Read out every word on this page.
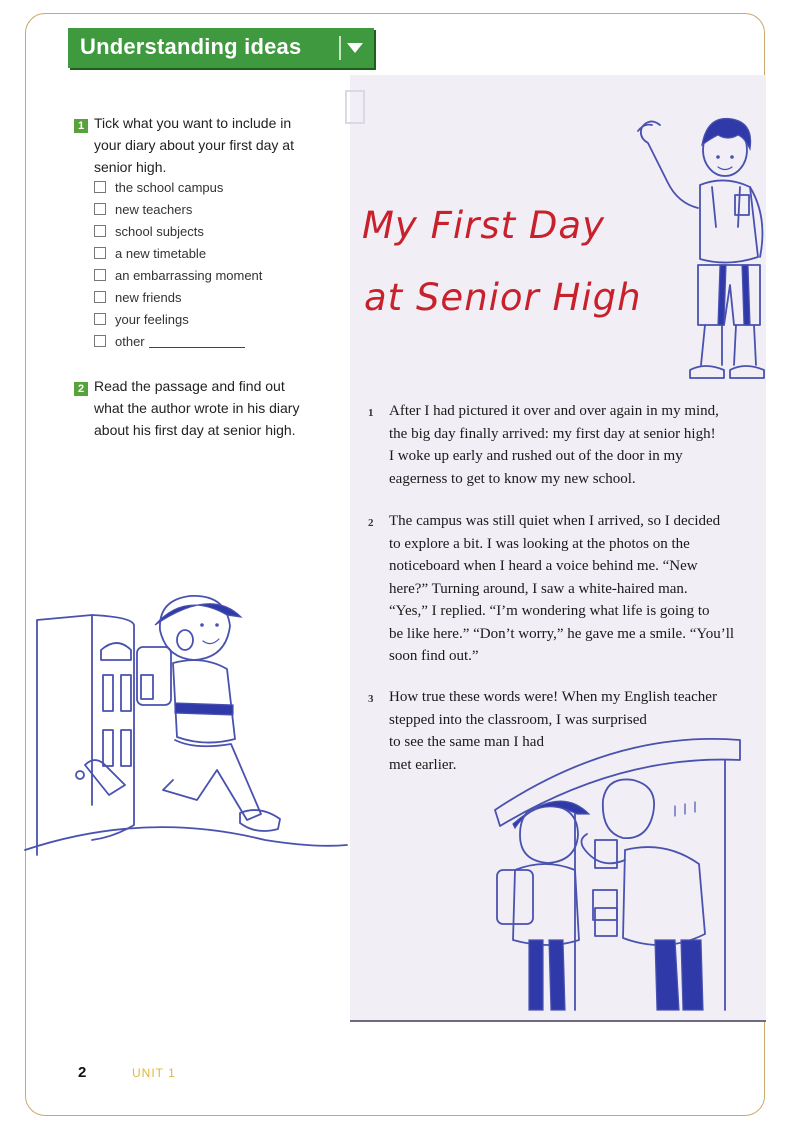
Understanding ideas
1 Tick what you want to include in
your diary about your first day at
senior high.
the school campus
new teachers
school subjects
a new timetable
an embarrassing moment
new friends
your feelings
other
2 Read the passage and find out
what the author wrote in his diary
about his first day at senior high.
My First Day
at Senior High
1 After I had pictured it over and over again in my mind,
the big day finally arrived: my first day at senior high!
I woke up early and rushed out of the door in my
eagerness to get to know my new school.
2 The campus was still quiet when I arrived, so I decided
to explore a bit. I was looking at the photos on the
noticeboard when I heard a voice behind me. “New
here?” Turning around, I saw a white-haired man.
“Yes,” I replied. “I’m wondering what life is going to
be like here.” “Don’t worry,” he gave me a smile. “You’ll
soon find out.”
3 How true these words were! When my English teacher
stepped into the classroom, I was surprised
to see the same man I had
met earlier.
2	UNIT 1
